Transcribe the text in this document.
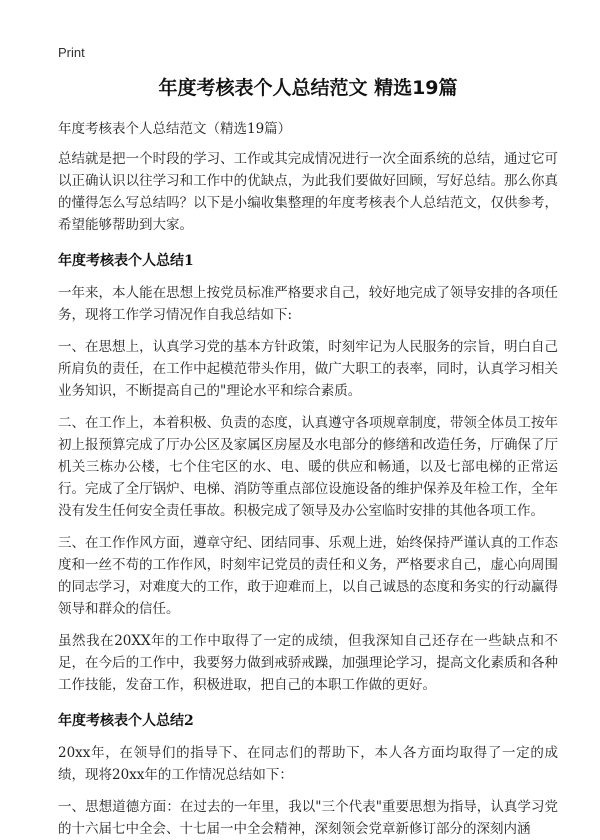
Print
年度考核表个人总结范文 精选19篇
年度考核表个人总结范文（精选19篇）
总结就是把一个时段的学习、工作或其完成情况进行一次全面系统的总结，通过它可以正确认识以往学习和工作中的优缺点，为此我们要做好回顾，写好总结。那么你真的懂得怎么写总结吗？以下是小编收集整理的年度考核表个人总结范文，仅供参考，希望能够帮助到大家。
年度考核表个人总结1
一年来，本人能在思想上按党员标准严格要求自己，较好地完成了领导安排的各项任务，现将工作学习情况作自我总结如下:
一、在思想上，认真学习党的基本方针政策，时刻牢记为人民服务的宗旨，明白自己所肩负的责任，在工作中起模范带头作用，做广大职工的表率，同时，认真学习相关业务知识，不断提高自己的"理论水平和综合素质。
二、在工作上，本着积极、负责的态度，认真遵守各项规章制度，带领全体员工按年初上报预算完成了厅办公区及家属区房屋及水电部分的修缮和改造任务，厅确保了厅机关三栋办公楼，七个住宅区的水、电、暖的供应和畅通，以及七部电梯的正常运行。完成了全厅锅炉、电梯、消防等重点部位设施设备的维护保养及年检工作，全年没有发生任何安全责任事故。积极完成了领导及办公室临时安排的其他各项工作。
三、在工作作风方面，遵章守纪、团结同事、乐观上进，始终保持严谨认真的工作态度和一丝不苟的工作作风，时刻牢记党员的责任和义务，严格要求自己，虚心向周围的同志学习，对难度大的工作，敢于迎难而上，以自己诚恳的态度和务实的行动赢得领导和群众的信任。
虽然我在20XX年的工作中取得了一定的成绩，但我深知自己还存在一些缺点和不足，在今后的工作中，我要努力做到戒骄戒躁，加强理论学习，提高文化素质和各种工作技能，发奋工作，积极进取，把自己的本职工作做的更好。
年度考核表个人总结2
20xx年，在领导们的指导下、在同志们的帮助下，本人各方面均取得了一定的成绩，现将20xx年的工作情况总结如下：
一、思想道德方面：在过去的一年里，我以"三个代表"重要思想为指导，认真学习党的十六届七中全会、十七届一中全会精神，深刻领会党章新修订部分的深刻内涵
